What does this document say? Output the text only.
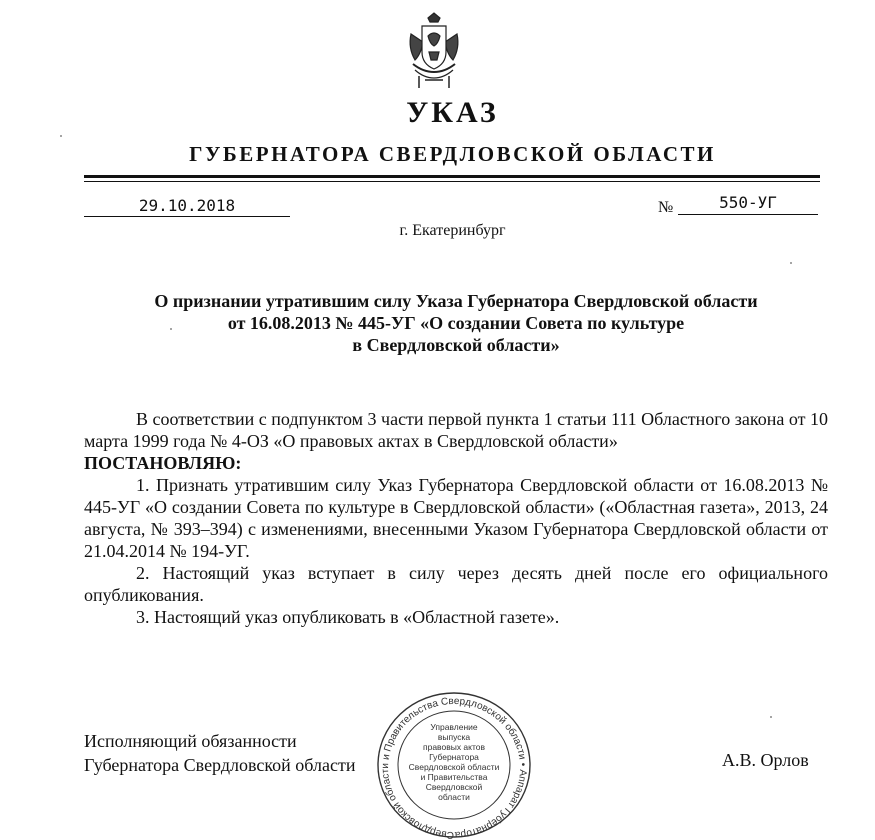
УКАЗ
ГУБЕРНАТОРА СВЕРДЛОВСКОЙ ОБЛАСТИ
29.10.2018	№	550-УГ
г. Екатеринбург
О признании утратившим силу Указа Губернатора Свердловской области
от 16.08.2013 № 445-УГ «О создании Совета по культуре
в Свердловской области»

В соответствии с подпунктом 3 части первой пункта 1 статьи 111 Областного закона от 10 марта 1999 года № 4-ОЗ «О правовых актах в Свердловской области»

ПОСТАНОВЛЯЮ:

1. Признать утратившим силу Указ Губернатора Свердловской области от 16.08.2013 № 445-УГ «О создании Совета по культуре в Свердловской области» («Областная газета», 2013, 24 августа, № 393–394) с изменениями, внесенными Указом Губернатора Свердловской области от 21.04.2014 № 194-УГ.

2. Настоящий указ вступает в силу через десять дней после его официального опубликования.

3. Настоящий указ опубликовать в «Областной газете».

Исполняющий обязанности
Губернатора Свердловской области	А.В. Орлов
Свердловской области и Правительства Свердловской области • Аппарат Губернатора
Управление
выпуска
правовых актов
Губернатора
Свердловской области
и Правительства
Свердловской
области
